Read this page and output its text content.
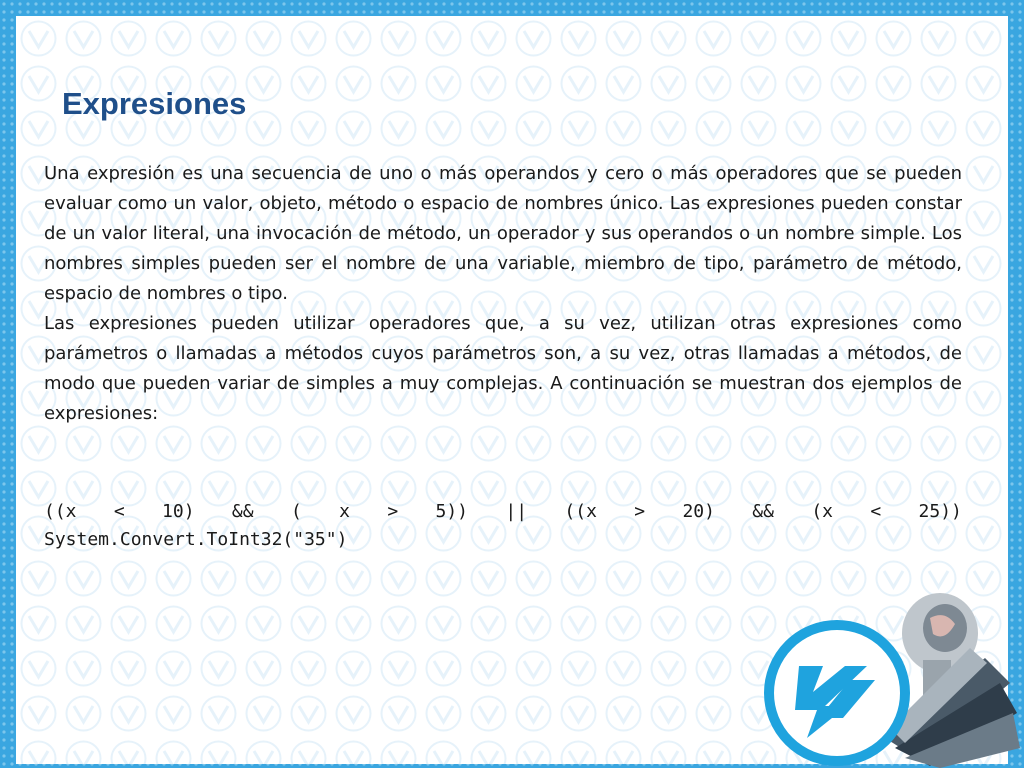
Expresiones

Una expresión es una secuencia de uno o más operandos y cero o más operadores que se pueden evaluar como un valor, objeto, método o espacio de nombres único. Las expresiones pueden constar de un valor literal, una invocación de método, un operador y sus operandos o un nombre simple. Los nombres simples pueden ser el nombre de una variable, miembro de tipo, parámetro de método, espacio de nombres o tipo.

Las expresiones pueden utilizar operadores que, a su vez, utilizan otras expresiones como parámetros o llamadas a métodos cuyos parámetros son, a su vez, otras llamadas a métodos, de modo que pueden variar de simples a muy complejas. A continuación se muestran dos ejemplos de expresiones:

((x < 10) && ( x > 5)) || ((x > 20) && (x < 25))
System.Convert.ToInt32("35")
